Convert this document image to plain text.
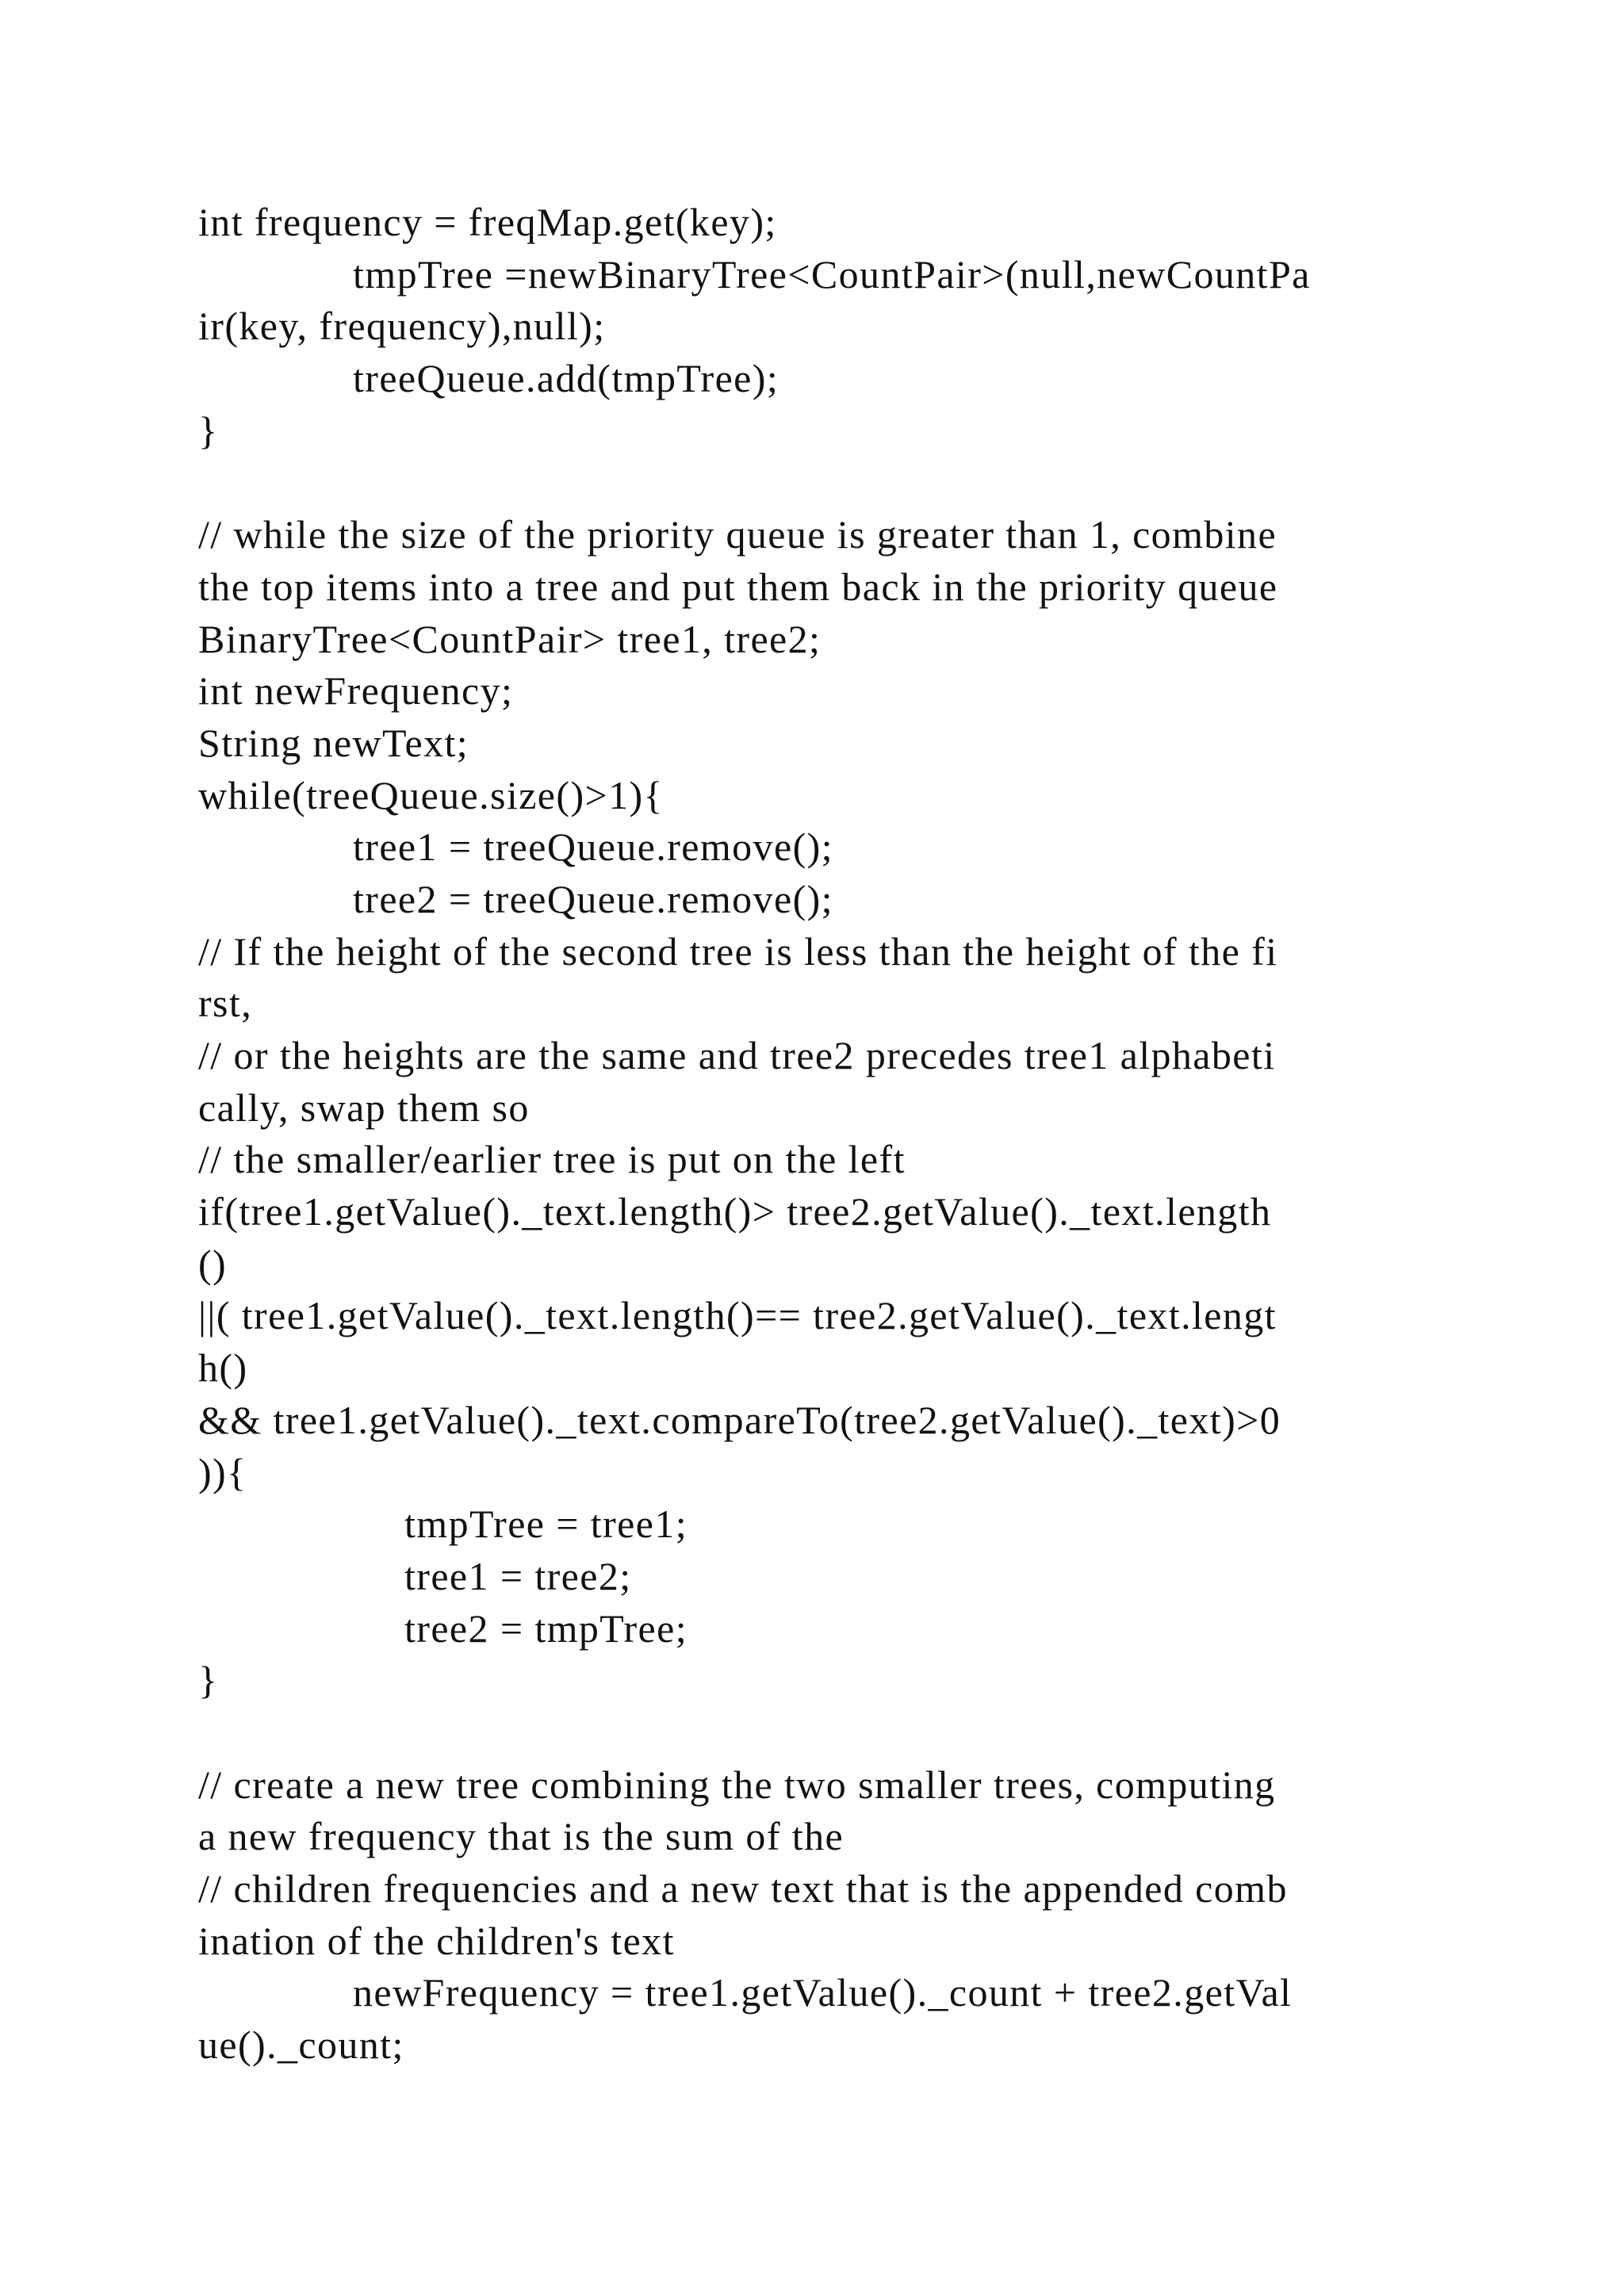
int frequency = freqMap.get(key);
tmpTree =newBinaryTree<CountPair>(null,newCountPa
ir(key, frequency),null);
treeQueue.add(tmpTree);
}
// while the size of the priority queue is greater than 1, combine
the top items into a tree and put them back in the priority queue
BinaryTree<CountPair> tree1, tree2;
int newFrequency;
String newText;
while(treeQueue.size()>1){
tree1 = treeQueue.remove();
tree2 = treeQueue.remove();
// If the height of the second tree is less than the height of the fi
rst,
// or the heights are the same and tree2 precedes tree1 alphabeti
cally, swap them so
// the smaller/earlier tree is put on the left
if(tree1.getValue()._text.length()> tree2.getValue()._text.length
()
||( tree1.getValue()._text.length()== tree2.getValue()._text.lengt
h()
&& tree1.getValue()._text.compareTo(tree2.getValue()._text)>0
)){
tmpTree = tree1;
tree1 = tree2;
tree2 = tmpTree;
}
// create a new tree combining the two smaller trees, computing
a new frequency that is the sum of the
// children frequencies and a new text that is the appended comb
ination of the children's text
newFrequency = tree1.getValue()._count + tree2.getVal
ue()._count;
